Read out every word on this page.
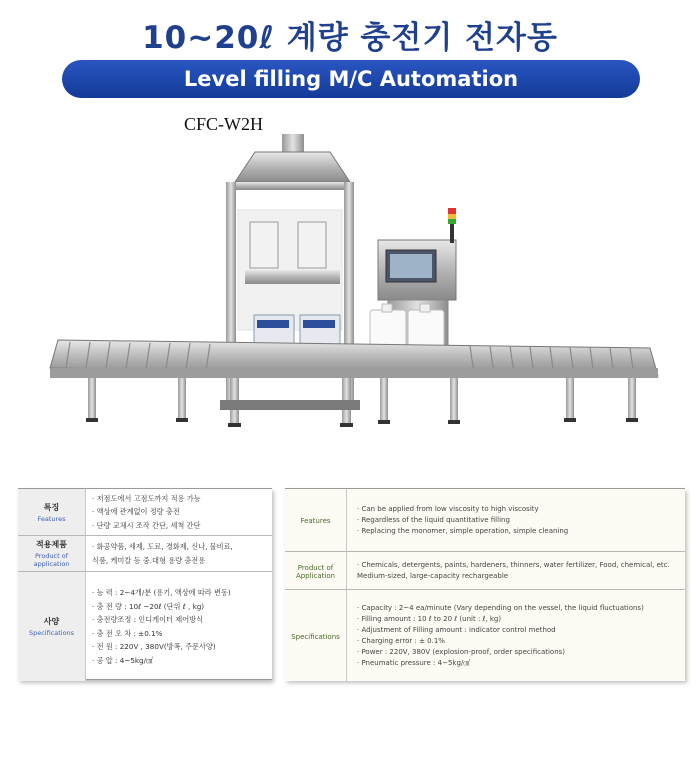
10~20ℓ 계량 충전기 전자동
Level filling M/C Automation
CFC-W2H
특징
Features
· 저점도에서 고점도까지 적용 가능
· 액상에 관계없이 정량 충전
· 단량 교체시 조작 간단, 세척 간단
적용제품
Product of application
· 화공약품, 세제, 도료, 경화제, 신나, 물비료,
식품, 케미칼 등 중.대형 용량 충전용
사양
Specifications
· 능 력 : 2~4개/분 (용기, 액상에 따라 변동)
· 충 전 량 : 10ℓ ~20ℓ (단위 ℓ , kg)
· 충전량조정 : 인디게이터 제어방식
· 충 전 오 차 : ±0.1%
· 전 원 : 220V , 380V(방폭, 주문사양)
· 공 압 : 4~5kg/㎠
Features
· Can be applied from low viscosity to high viscosity
· Regardless of the liquid quantitative filling
· Replacing the monomer, simple operation, simple cleaning
Product of Application
· Chemicals, detergents, paints, hardeners, thinners, water fertilizer, Food, chemical, etc.
Medium-sized, large-capacity rechargeable
Specifications
· Capacity : 2~4 ea/minute (Vary depending on the vessel, the liquid fluctuations)
· Filling amount : 10 ℓ to 20 ℓ (unit : ℓ, kg)
· Adjustment of Filling amount : indicator control method
· Charging error : ± 0.1%
· Power : 220V, 380V (explosion-proof, order specifications)
· Pneumatic pressure : 4~5kg/㎠
